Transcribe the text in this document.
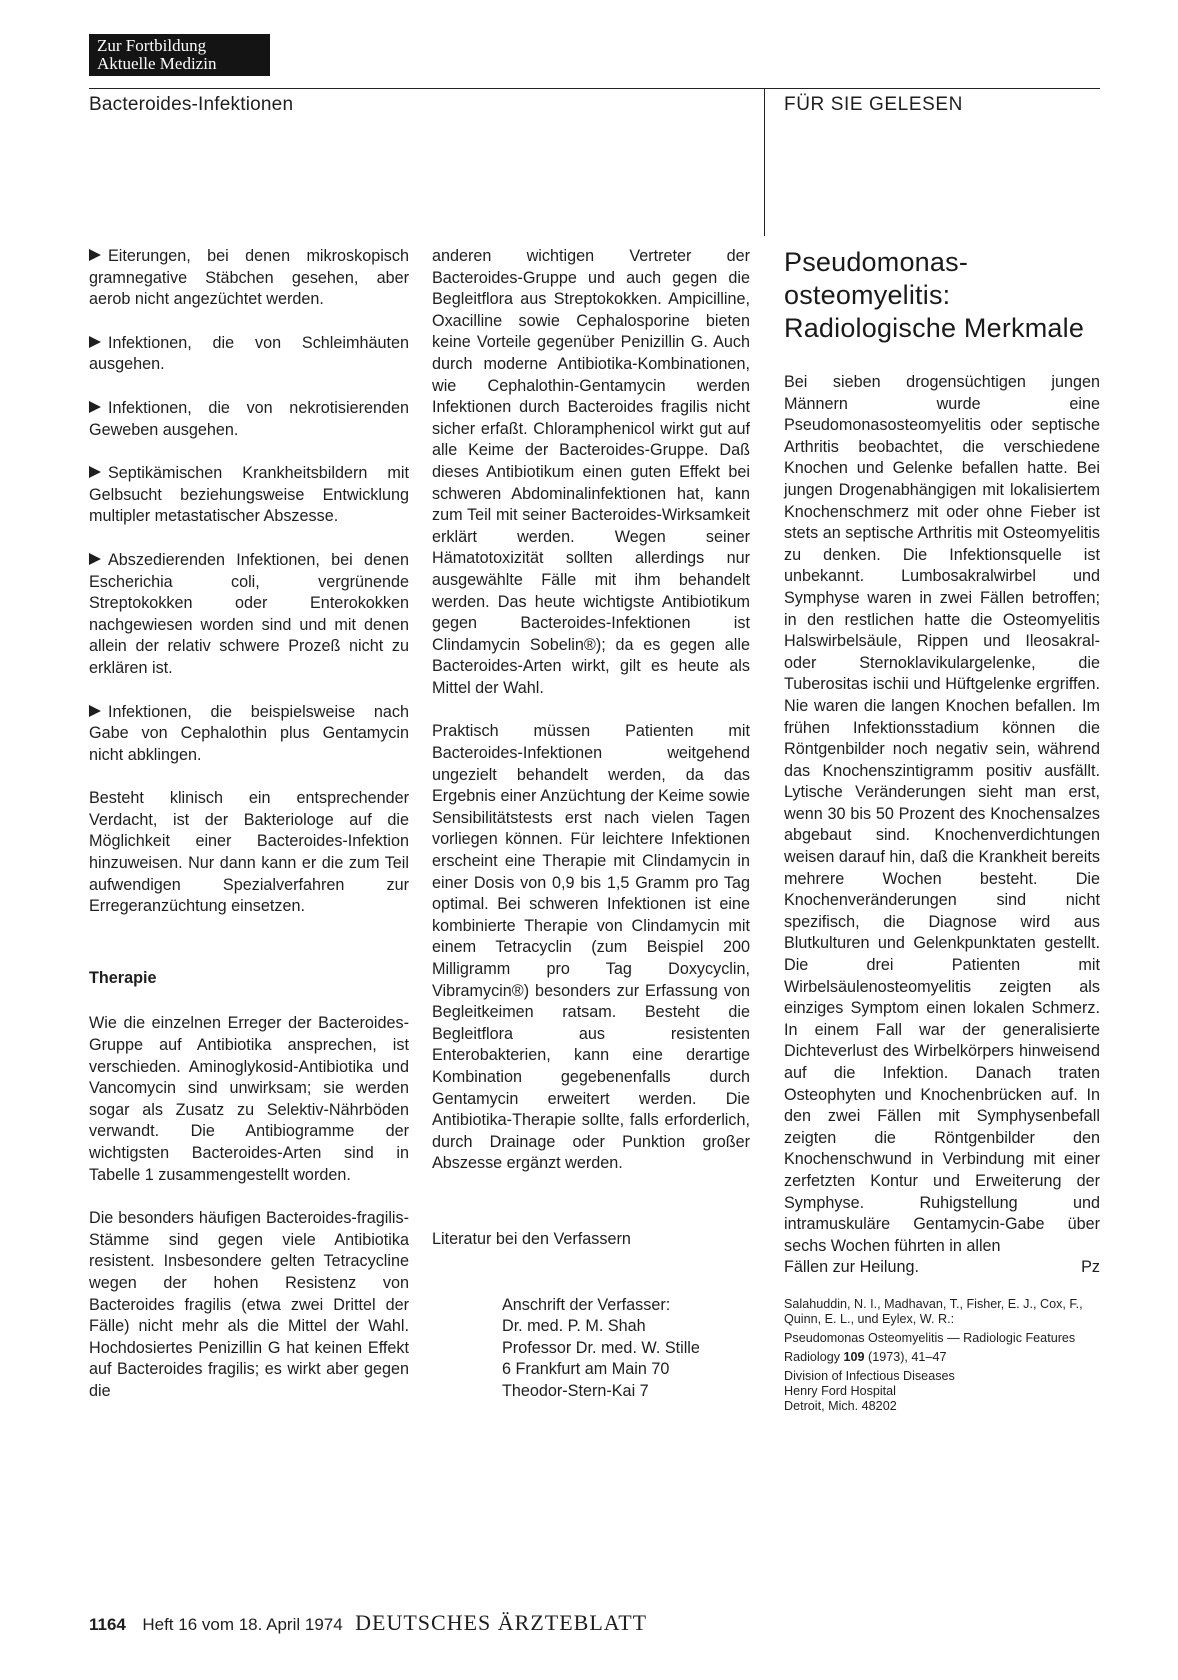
Zur Fortbildung
Aktuelle Medizin
Bacteroides-Infektionen	FÜR SIE GELESEN

Eiterungen, bei denen mikroskopisch gramnegative Stäbchen gesehen, aber aerob nicht angezüchtet werden.

Infektionen, die von Schleimhäuten ausgehen.

Infektionen, die von nekrotisierenden Geweben ausgehen.

Septikämischen Krankheitsbildern mit Gelbsucht beziehungsweise Entwicklung multipler metastatischer Abszesse.

Abszedierenden Infektionen, bei denen Escherichia coli, vergrünende Streptokokken oder Enterokokken nachgewiesen worden sind und mit denen allein der relativ schwere Prozeß nicht zu erklären ist.

Infektionen, die beispielsweise nach Gabe von Cephalothin plus Gentamycin nicht abklingen.

Besteht klinisch ein entsprechender Verdacht, ist der Bakteriologe auf die Möglichkeit einer Bacteroides-Infektion hinzuweisen. Nur dann kann er die zum Teil aufwendigen Spezialverfahren zur Erregeranzüchtung einsetzen.

Therapie

Wie die einzelnen Erreger der Bacteroides-Gruppe auf Antibiotika ansprechen, ist verschieden. Aminoglykosid-Antibiotika und Vancomycin sind unwirksam; sie werden sogar als Zusatz zu Selektiv-Nährböden verwandt. Die Antibiogramme der wichtigsten Bacteroides-Arten sind in Tabelle 1 zusammengestellt worden.

Die besonders häufigen Bacteroides-fragilis-Stämme sind gegen viele Antibiotika resistent. Insbesondere gelten Tetracycline wegen der hohen Resistenz von Bacteroides fragilis (etwa zwei Drittel der Fälle) nicht mehr als die Mittel der Wahl. Hochdosiertes Penizillin G hat keinen Effekt auf Bacteroides fragilis; es wirkt aber gegen die

anderen wichtigen Vertreter der Bacteroides-Gruppe und auch gegen die Begleitflora aus Streptokokken. Ampicilline, Oxacilline sowie Cephalosporine bieten keine Vorteile gegenüber Penizillin G. Auch durch moderne Antibiotika-Kombinationen, wie Cephalothin-Gentamycin werden Infektionen durch Bacteroides fragilis nicht sicher erfaßt. Chloramphenicol wirkt gut auf alle Keime der Bacteroides-Gruppe. Daß dieses Antibiotikum einen guten Effekt bei schweren Abdominalinfektionen hat, kann zum Teil mit seiner Bacteroides-Wirksamkeit erklärt werden. Wegen seiner Hämatotoxizität sollten allerdings nur ausgewählte Fälle mit ihm behandelt werden. Das heute wichtigste Antibiotikum gegen Bacteroides-Infektionen ist Clindamycin Sobelin®); da es gegen alle Bacteroides-Arten wirkt, gilt es heute als Mittel der Wahl.

Praktisch müssen Patienten mit Bacteroides-Infektionen weitgehend ungezielt behandelt werden, da das Ergebnis einer Anzüchtung der Keime sowie Sensibilitätstests erst nach vielen Tagen vorliegen können. Für leichtere Infektionen erscheint eine Therapie mit Clindamycin in einer Dosis von 0,9 bis 1,5 Gramm pro Tag optimal. Bei schweren Infektionen ist eine kombinierte Therapie von Clindamycin mit einem Tetracyclin (zum Beispiel 200 Milligramm pro Tag Doxycyclin, Vibramycin®) besonders zur Erfassung von Begleitkeimen ratsam. Besteht die Begleitflora aus resistenten Enterobakterien, kann eine derartige Kombination gegebenenfalls durch Gentamycin erweitert werden. Die Antibiotika-Therapie sollte, falls erforderlich, durch Drainage oder Punktion großer Abszesse ergänzt werden.

Literatur bei den Verfassern

Anschrift der Verfasser:
Dr. med. P. M. Shah
Professor Dr. med. W. Stille
6 Frankfurt am Main 70
Theodor-Stern-Kai 7
Pseudomonas-
osteomyelitis:
Radiologische Merkmale

Bei sieben drogensüchtigen jungen Männern wurde eine Pseudomonasosteomyelitis oder septische Arthritis beobachtet, die verschiedene Knochen und Gelenke befallen hatte. Bei jungen Drogenabhängigen mit lokalisiertem Knochenschmerz mit oder ohne Fieber ist stets an septische Arthritis mit Osteomyelitis zu denken. Die Infektionsquelle ist unbekannt. Lumbosakralwirbel und Symphyse waren in zwei Fällen betroffen; in den restlichen hatte die Osteomyelitis Halswirbelsäule, Rippen und Ileosakral- oder Sternoklavikulargelenke, die Tuberositas ischii und Hüftgelenke ergriffen. Nie waren die langen Knochen befallen. Im frühen Infektionsstadium können die Röntgenbilder noch negativ sein, während das Knochenszintigramm positiv ausfällt. Lytische Veränderungen sieht man erst, wenn 30 bis 50 Prozent des Knochensalzes abgebaut sind. Knochenverdichtungen weisen darauf hin, daß die Krankheit bereits mehrere Wochen besteht. Die Knochenveränderungen sind nicht spezifisch, die Diagnose wird aus Blutkulturen und Gelenkpunktaten gestellt. Die drei Patienten mit Wirbelsäulenosteomyelitis zeigten als einziges Symptom einen lokalen Schmerz. In einem Fall war der generalisierte Dichteverlust des Wirbelkörpers hinweisend auf die Infektion. Danach traten Osteophyten und Knochenbrücken auf. In den zwei Fällen mit Symphysenbefall zeigten die Röntgenbilder den Knochenschwund in Verbindung mit einer zerfetzten Kontur und Erweiterung der Symphyse. Ruhigstellung und intramuskuläre Gentamycin-Gabe über sechs Wochen führten in allen

Fällen zur Heilung.	Pz

Salahuddin, N. I., Madhavan, T., Fisher, E. J., Cox, F., Quinn, E. L., und Eylex, W. R.:
Pseudomonas Osteomyelitis — Radiologic Features
Radiology 109 (1973), 41–47
Division of Infectious Diseases
Henry Ford Hospital
Detroit, Mich. 48202
1164 Heft 16 vom 18. April 1974 DEUTSCHES ÄRZTEBLATT
